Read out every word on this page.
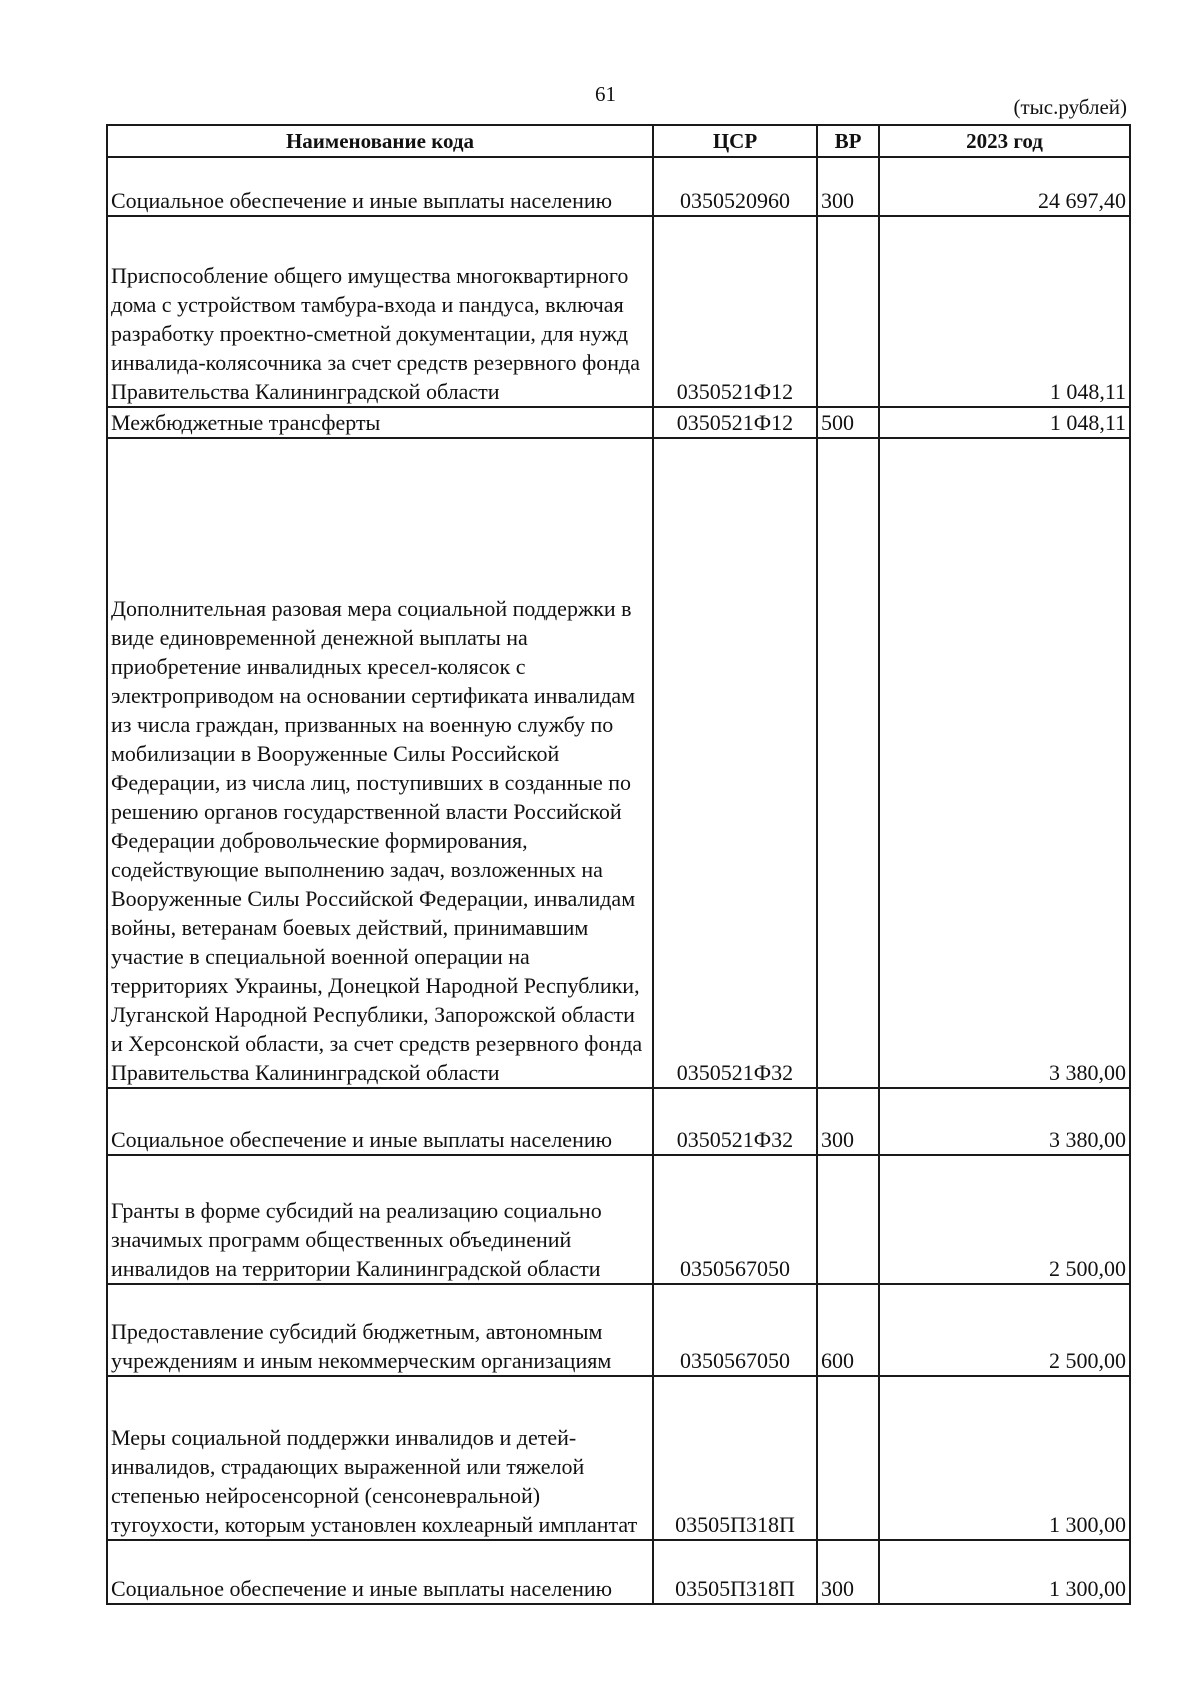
61
(тыс.рублей)
Наименование кода	ЦСР	ВР	2023 год
Социальное обеспечение и иные выплаты населению	0350520960	300	24 697,40
Приспособление общего имущества многоквартирного дома с устройством тамбура-входа и пандуса, включая разработку проектно-сметной документации, для нужд инвалида-колясочника за счет средств резервного фонда Правительства Калининградской области	0350521Ф12		1 048,11
Межбюджетные трансферты	0350521Ф12	500	1 048,11
Дополнительная разовая мера социальной поддержки в виде единовременной денежной выплаты на приобретение инвалидных кресел-колясок с электроприводом на основании сертификата инвалидам из числа граждан, призванных на военную службу по мобилизации в Вооруженные Силы Российской Федерации, из числа лиц, поступивших в созданные по решению органов государственной власти Российской Федерации добровольческие формирования, содействующие выполнению задач, возложенных на Вооруженные Силы Российской Федерации, инвалидам войны, ветеранам боевых действий, принимавшим участие в специальной военной операции на территориях Украины, Донецкой Народной Республики, Луганской Народной Республики, Запорожской области и Херсонской области, за счет средств резервного фонда Правительства Калининградской области	0350521Ф32		3 380,00
Социальное обеспечение и иные выплаты населению	0350521Ф32	300	3 380,00
Гранты в форме субсидий на реализацию социально значимых программ общественных объединений инвалидов на территории Калининградской области	0350567050		2 500,00
Предоставление субсидий бюджетным, автономным учреждениям и иным некоммерческим организациям	0350567050	600	2 500,00
Меры социальной поддержки инвалидов и детей-инвалидов, страдающих выраженной или тяжелой степенью нейросенсорной (сенсоневральной) тугоухости, которым установлен кохлеарный имплантат	03505П318П		1 300,00
Социальное обеспечение и иные выплаты населению	03505П318П	300	1 300,00
